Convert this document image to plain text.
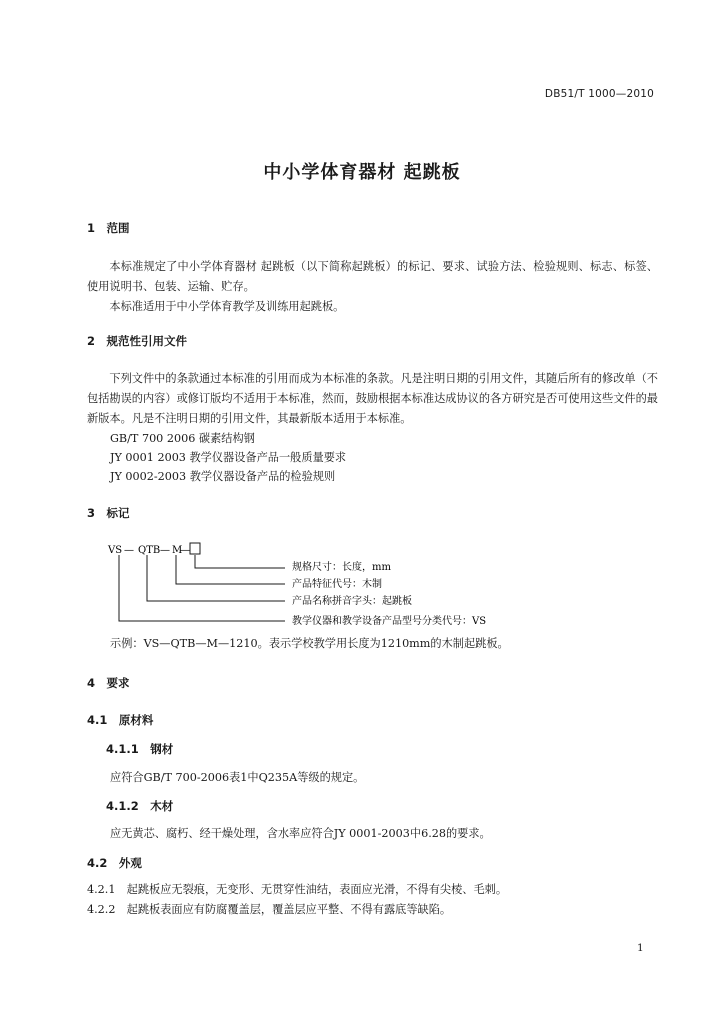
DB51/T 1000—2010
中小学体育器材 起跳板
1　范围
本标准规定了中小学体育器材 起跳板（以下简称起跳板）的标记、要求、试验方法、检验规则、标志、标签、使用说明书、包装、运输、贮存。
本标准适用于中小学体育教学及训练用起跳板。
2　规范性引用文件
下列文件中的条款通过本标准的引用而成为本标准的条款。凡是注明日期的引用文件，其随后所有的修改单（不包括勘误的内容）或修订版均不适用于本标准，然而，鼓励根据本标准达成协议的各方研究是否可使用这些文件的最新版本。凡是不注明日期的引用文件，其最新版本适用于本标准。
GB/T 700 2006 碳素结构钢
JY 0001 2003 教学仪器设备产品一般质量要求
JY 0002-2003 教学仪器设备产品的检验规则
3　标记
VS — QTB — M
—
规格尺寸：长度，mm
产品特征代号：木制
产品名称拼音字头：起跳板
教学仪器和教学设备产品型号分类代号：VS
示例：VS—QTB—M—1210。表示学校教学用长度为1210mm的木制起跳板。
4　要求
4.1　原材料
4.1.1　钢材
应符合GB/T 700-2006表1中Q235A等级的规定。
4.1.2　木材
应无黄芯、腐朽、经干燥处理，含水率应符合JY 0001-2003中6.28的要求。
4.2　外观
4.2.1　起跳板应无裂痕，无变形、无贯穿性油结，表面应光滑，不得有尖棱、毛刺。
4.2.2　起跳板表面应有防腐覆盖层，覆盖层应平整、不得有露底等缺陷。
1
